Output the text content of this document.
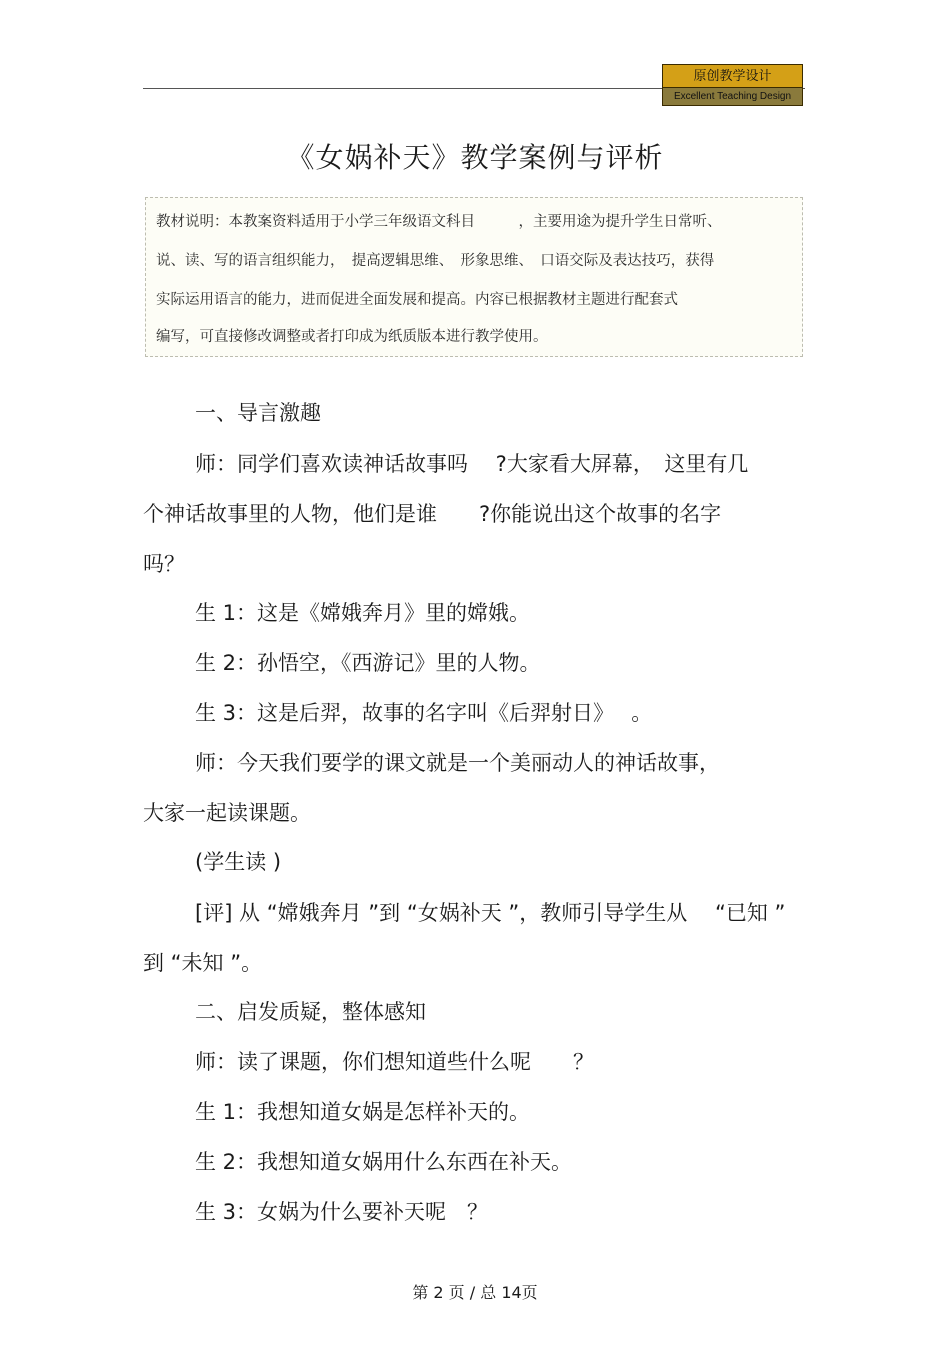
原创教学设计
Excellent Teaching Design
《女娲补天》教学案例与评析
教材说明：本教案资料适用于小学三年级语文科目　　　，主要用途为提升学生日常听、
说、读、写的语言组织能力，　提高逻辑思维、　形象思维、　口语交际及表达技巧，获得
实际运用语言的能力，进而促进全面发展和提高。内容已根据教材主题进行配套式
编写，可直接修改调整或者打印成为纸质版本进行教学使用。
一、导言激趣
师：同学们喜欢读神话故事吗　 ?大家看大屏幕，　这里有几
个神话故事里的人物，他们是谁　　?你能说出这个故事的名字
吗？
生 1：这是《嫦娥奔月》里的嫦娥。
生 2：孙悟空，《西游记》里的人物。
生 3：这是后羿，故事的名字叫《后羿射日》　 。
师：今天我们要学的课文就是一个美丽动人的神话故事，
大家一起读课题。
(学生读 )
[评] 从 “嫦娥奔月 ”到 “女娲补天 ”，教师引导学生从　 “已知 ”
到 “未知 ”。
二、启发质疑，整体感知
师：读了课题，你们想知道些什么呢　　？
生 1：我想知道女娲是怎样补天的。
生 2：我想知道女娲用什么东西在补天。
生 3：女娲为什么要补天呢　？
第 2 页 / 总 14页
